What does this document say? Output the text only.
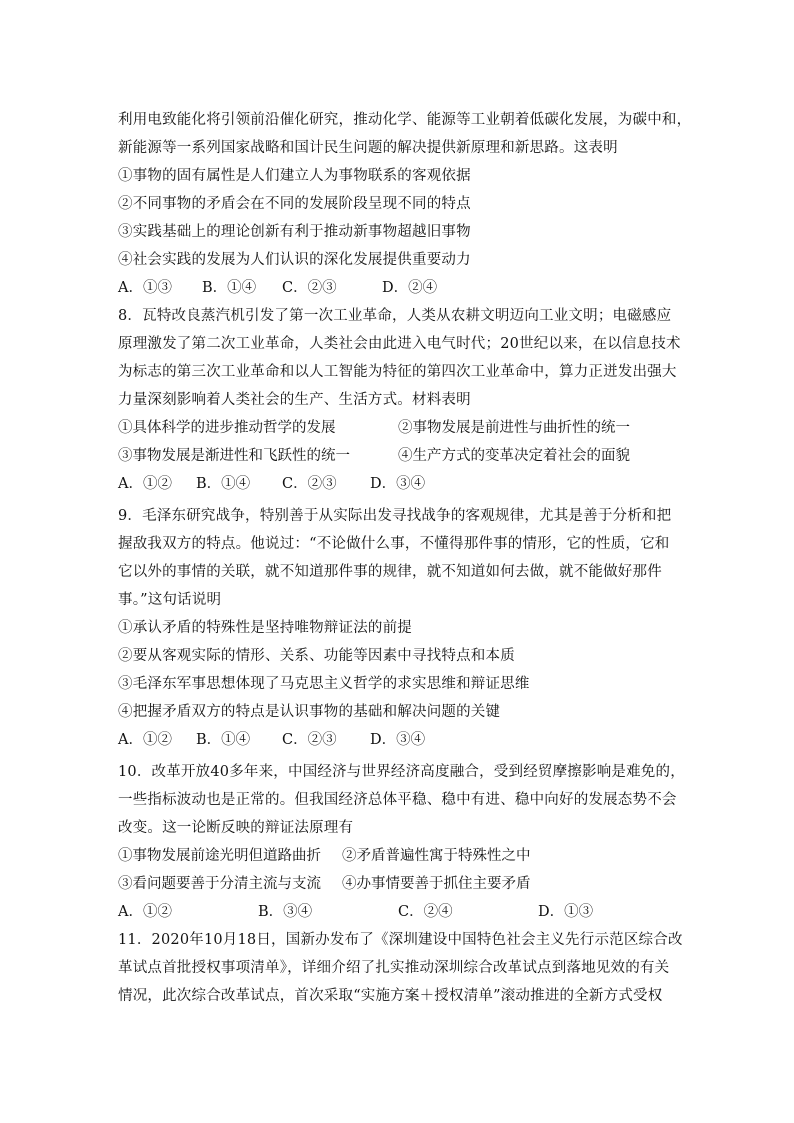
利用电致能化将引领前沿催化研究，推动化学、能源等工业朝着低碳化发展，为碳中和，
新能源等一系列国家战略和国计民生问题的解决提供新原理和新思路。这表明
①事物的固有属性是人们建立人为事物联系的客观依据
②不同事物的矛盾会在不同的发展阶段呈现不同的特点
③实践基础上的理论创新有利于推动新事物超越旧事物
④社会实践的发展为人们认识的深化发展提供重要动力
A．①③ B．①④ C．②③	D．②④
8．瓦特改良蒸汽机引发了第一次工业革命，人类从农耕文明迈向工业文明；电磁感应
原理激发了第二次工业革命，人类社会由此进入电气时代；20世纪以来，在以信息技术
为标志的第三次工业革命和以人工智能为特征的第四次工业革命中，算力正迸发出强大
力量深刻影响着人类社会的生产、生活方式。材料表明
①具体科学的进步推动哲学的发展	②事物发展是前进性与曲折性的统一
③事物发展是渐进性和飞跃性的统一	④生产方式的变革决定着社会的面貌
A．①② B．①④ C．②③ D．③④
9．毛泽东研究战争，特别善于从实际出发寻找战争的客观规律，尤其是善于分析和把
握敌我双方的特点。他说过：“不论做什么事，不懂得那件事的情形，它的性质，它和
它以外的事情的关联，就不知道那件事的规律，就不知道如何去做，就不能做好那件
事。”这句话说明
①承认矛盾的特殊性是坚持唯物辩证法的前提
②要从客观实际的情形、关系、功能等因素中寻找特点和本质
③毛泽东军事思想体现了马克思主义哲学的求实思维和辩证思维
④把握矛盾双方的特点是认识事物的基础和解决问题的关键
A．①② B．①④ C．②③ D．③④
10．改革开放40多年来，中国经济与世界经济高度融合，受到经贸摩擦影响是难免的，
一些指标波动也是正常的。但我国经济总体平稳、稳中有进、稳中向好的发展态势不会
改变。这一论断反映的辩证法原理有
①事物发展前途光明但道路曲折 ②矛盾普遍性寓于特殊性之中
③看问题要善于分清主流与支流 ④办事情要善于抓住主要矛盾
A．①②	B．③④	C．②④	D．①③
11．2020年10月18日，国新办发布了《深圳建设中国特色社会主义先行示范区综合改
革试点首批授权事项清单》，详细介绍了扎实推动深圳综合改革试点到落地见效的有关
情况，此次综合改革试点，首次采取“实施方案＋授权清单”滚动推进的全新方式受权
